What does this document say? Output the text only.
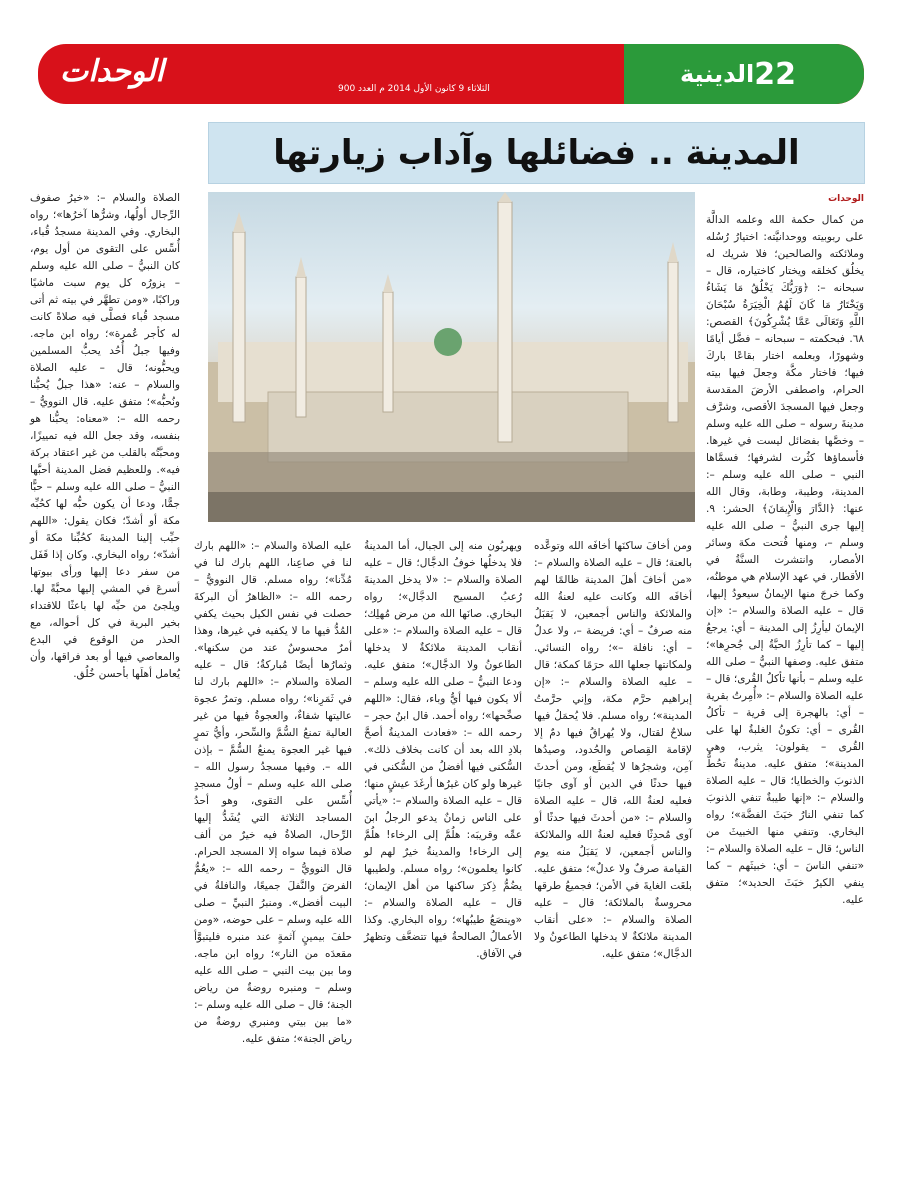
الدينية 22
الوحدات	الثلاثاء 9 كانون الأول 2014 م العدد 900
المدينة .. فضائلها وآداب زيارتها
الوحدات

من كمال حكمة الله وعلمه الدالَّة على ربوبيته ووحدانيَّته: اختيارُ رُسُله وملائكته والصالحين؛ فلا شريك له يخلُق كخلقه ويختار كاختياره، قال – سبحانه –: ﴿وَرَبُّكَ يَخْلُقُ مَا يَشَاءُ وَيَخْتَارُ مَا كَانَ لَهُمُ الْخِيَرَةُ سُبْحَانَ اللَّهِ وَتَعَالَى عَمَّا يُشْرِكُونَ﴾ القصص: ٦٨. فبحكمته – سبحانه – فضَّل أيامًا وشهورًا، وبعلمه اختار بقاعًا باركَ فيها؛ فاختار مكَّة وجعلَ فيها بيته الحرام، واصطفى الأرضَ المقدسة وجعل فيها المسجدَ الأقصى، وشرَّف مدينةَ رسوله – صلى الله عليه وسلم – وخصَّها بفضائل ليست في غيرها. فأسماؤها كثُرت لشرفها؛ فسمَّاها النبي – صلى الله عليه وسلم –: المدينة، وطيبة، وطابة، وقال الله عنها: ﴿الدَّارَ وَالْإِيمَانَ﴾ الحشر: ٩. إليها جرى النبيُّ – صلى الله عليه وسلم –، ومنها فُتحت مكة وسائر الأمصار، وانتشرت السنَّةُ في الأقطار. في عهد الإسلام هي موطنُه، وكما خرجَ منها الإيمانُ سيعودُ إليها، قال – عليه الصلاة والسلام –: «إن الإيمانَ ليأرِزُ إلى المدينة – أي: يرجعُ إليها – كما تأرِزُ الحيَّةُ إلى جُحرِها»؛ متفق عليه. وصفها النبيُّ – صلى الله عليه وسلم – بأنها تأكلُ القُرى؛ قال – عليه الصلاة والسلام –: «أُمِرتُ بقرية – أي: بالهجرة إلى قرية – تأكلُ القُرى – أي: تكونُ الغلبةُ لها على القُرى – يقولون: يثرب، وهي المدينة»؛ متفق عليه. مدينةٌ تحُطُّ الذنوبَ والخطايا؛ قال – عليه الصلاة والسلام –: «إنها طيبةٌ تنفي الذنوبَ كما تنفي النارُ خبَثَ الفضَّة»؛ رواه البخاري. وتنفي منها الخبيثَ من الناس؛ قال – عليه الصلاة والسلام –: «تنفي الناسَ – أي: خبيثَهم – كما ينفي الكيرُ خبَثَ الحديد»؛ متفق عليه.

ومن أخافَ ساكنَها أخافَه الله وتوعَّده بالعنة؛ قال – عليه الصلاة والسلام –: «من أخافَ أهلَ المدينة ظالمًا لهم أخافَه الله وكانت عليه لعنةُ الله والملائكة والناس أجمعين، لا يَقبَلُ منه صرفٌ – أي: فريضة –، ولا عدلٌ – أي: نافلة –»؛ رواه النسائي. ولمكانتها جعلها الله حرَمًا كمكة؛ قال – عليه الصلاة والسلام –: «إن إبراهيم حرَّم مكة، وإني حرَّمتُ المدينة»؛ رواه مسلم. فلا يُحمَلُ فيها سلاحٌ لقتال، ولا يُهراقُ فيها دمٌ إلا لإقامة القِصاص والحُدود، وصيدُها آمِن، وشجرُها لا يُقطَع، ومن أحدثَ فيها حدثًا في الدين أو آوى جانيًا فعليه لعنةُ الله، قال – عليه الصلاة والسلام –: «من أحدثَ فيها حدثًا أو آوى مُحدِثًا فعليه لعنةُ الله والملائكة والناس أجمعين، لا يَقبَلُ منه يوم القيامة صرفٌ ولا عدلٌ»؛ متفق عليه. بلغَت الغايةَ في الأمن؛ فجميعُ طرقها محروسةٌ بالملائكة؛ قال – عليه الصلاة والسلام –: «على أنقاب المدينة ملائكةٌ لا يدخلها الطاعونُ ولا الدجَّال»؛ متفق عليه.

ويهربُون منه إلى الجبال، أما المدينةُ فلا يدخلُها خوفُ الدجَّال؛ قال – عليه الصلاة والسلام –: «لا يدخل المدينةَ رُعبُ المسيح الدجَّال»؛ رواه البخاري. صانَها الله من مرض مُهلِك؛ قال – عليه الصلاة والسلام –: «على أنقاب المدينة ملائكةٌ لا يدخلها الطاعونُ ولا الدجَّال»؛ متفق عليه. ودعا النبيُّ – صلى الله عليه وسلم – ألا يكون فيها أيُّ وباء، فقال: «اللهم صحِّحها»؛ رواه أحمد. قال ابنُ حجر – رحمه الله –: «فعادت المدينةُ أصحَّ بلادِ الله بعد أن كانت بخلاف ذلك». السُّكنى فيها أفضلُ من السُّكنى في غيرها ولو كان غيرُها أرغَدَ عيشٍ منها؛ قال – عليه الصلاة والسلام –: «يأتي على الناس زمانٌ يدعو الرجلُ ابنَ عمِّه وقريبَه: هلُمَّ إلى الرخاء! هلُمَّ إلى الرخاء! والمدينةُ خيرٌ لهم لو كانوا يعلمون»؛ رواه مسلم. ولطيبها يضُمُّ ذِكرَ ساكنها من أهل الإيمان؛ قال – عليه الصلاة والسلام –: «وينصَعُ طيبُها»؛ رواه البخاري. وكذا الأعمالُ الصالحةُ فيها تتضعَّف وتظهرُ في الآفاق.

عليه الصلاة والسلام –: «اللهم بارك لنا في صاعِنا، اللهم بارك لنا في مُدِّنا»؛ رواه مسلم. قال النوويُّ – رحمه الله –: «الظاهرُ أن البركةَ حصلت في نفس الكيل بحيث يكفي المُدُّ فيها ما لا يكفيه في غيرها، وهذا أمرٌ محسوسٌ عند من سكنها». وثمارُها أيضًا مُباركةٌ؛ قال – عليه الصلاة والسلام –: «اللهم بارك لنا في ثَمَرِنا»؛ رواه مسلم. وتمرُ عجوة عاليتها شفاءٌ، والعجوةُ فيها من غير العالية تمنعُ السُّمَّ والسِّحر، وأيُّ تمرٍ فيها غير العجوة يمنعُ السُّمَّ – بإذن الله –. وفيها مسجدُ رسول الله – صلى الله عليه وسلم – أولُ مسجدٍ أُسِّس على التقوى، وهو أحدُ المساجد الثلاثة التي يُشَدُّ إليها الرِّحال، الصلاةُ فيه خيرٌ من ألف صلاة فيما سواه إلا المسجد الحرام. قال النوويُّ – رحمه الله –: «يعُمُّ الفرضَ والنَّفلَ جميعًا، والنافلةُ في البيت أفضل». ومنبرُ النبيِّ – صلى الله عليه وسلم – على حوضه، «ومن حلفَ بيمينٍ آثمةٍ عند منبره فليتبوَّأ مقعدَه من النار»؛ رواه ابن ماجه. وما بين بيت النبي – صلى الله عليه وسلم – ومنبره روضةٌ من رياض الجنة؛ قال – صلى الله عليه وسلم –: «ما بين بيتي ومنبري روضةٌ من رياض الجنة»؛ متفق عليه.

الصلاة والسلام –: «خيرُ صفوف الرِّجال أولُها، وشرُّها آخرُها»؛ رواه البخاري. وفي المدينة مسجدُ قُباء، أُسِّس على التقوى من أول يوم، كان النبيُّ – صلى الله عليه وسلم – يزورُه كل يوم سبت ماشيًا وراكبًا، «ومن تطهَّر في بيته ثم أتى مسجد قُباء فصلَّى فيه صلاةً كانت له كأجر عُمرة»؛ رواه ابن ماجه. وفيها جبلُ أُحُد يحبُّ المسلمين ويحبُّونه؛ قال – عليه الصلاة والسلام – عنه: «هذا جبلٌ يُحبُّنا ونُحبُّه»؛ متفق عليه. قال النوويُّ – رحمه الله –: «معناه: يحبُّنا هو بنفسه، وقد جعل الله فيه تمييزًا، ومحبَّتُه بالقلب من غير اعتقاد بركة فيه». وللعظيم فضل المدينة أحبَّها النبيُّ – صلى الله عليه وسلم – حبًّا جمًّا، ودعا أن يكون حبُّه لها كحُبِّه مكة أو أشدّ؛ فكان يقول: «اللهم حبِّب إلينا المدينةَ كحُبِّنا مكةَ أو أشدّ»؛ رواه البخاري. وكان إذا قَفَل من سفر دعا إليها ورأى بيوتها أسرعَ في المشي إليها محبَّةً لها. ويلجئ من حبِّه لها باعثًا للاقتداء بخير البرية في كل أحواله، مع الحذر من الوقوع في البدع والمعاصي فيها أو بعد فراقها، وأن يُعامل أهلَها بأحسن خُلُق.
